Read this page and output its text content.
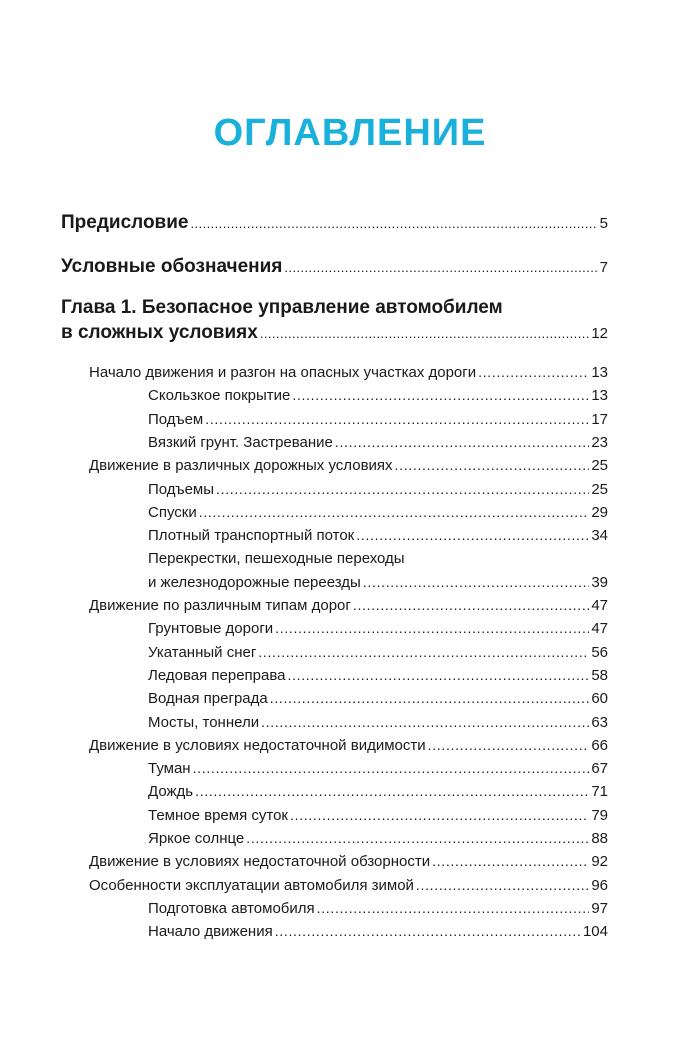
ОГЛАВЛЕНИЕ
Предисловие . . .	5
Условные обозначения . . .	7
Глава 1. Безопасное управление автомобилем
в сложных условиях . . .	12
Начало движения и разгон на опасных участках дороги . . .	13
Скользкое покрытие . . .	13
Подъем . . .	17
Вязкий грунт. Застревание . . .	23
Движение в различных дорожных условиях . . .	25
Подъемы . . .	25
Спуски . . .	29
Плотный транспортный поток . . .	34
Перекрестки, пешеходные переходы
и железнодорожные переезды . . .	39
Движение по различным типам дорог . . .	47
Грунтовые дороги . . .	47
Укатанный снег . . .	56
Ледовая переправа . . .	58
Водная преграда . . .	60
Мосты, тоннели . . .	63
Движение в условиях недостаточной видимости . . .	66
Туман . . .	67
Дождь . . .	71
Темное время суток . . .	79
Яркое солнце . . .	88
Движение в условиях недостаточной обзорности . . .	92
Особенности эксплуатации автомобиля зимой . . .	96
Подготовка автомобиля . . .	97
Начало движения . . .	104
